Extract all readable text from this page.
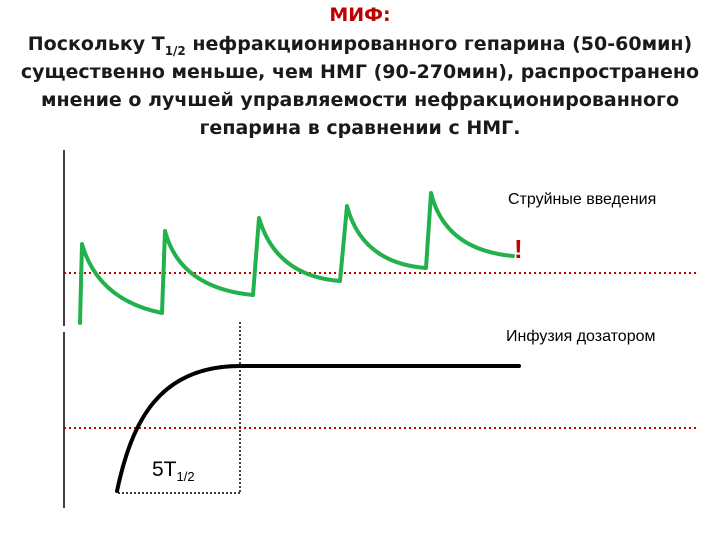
МИФ:
Поскольку $Т_{1/2}$ нефракционированного гепарина (50-60мин) существенно меньше, чем НМГ (90-270мин), распространено мнение о лучшей управляемости нефракционированного гепарина в сравнении с НМГ.
Струйные введения
!
Инфузия дозатором
$5T_{1/2}$
